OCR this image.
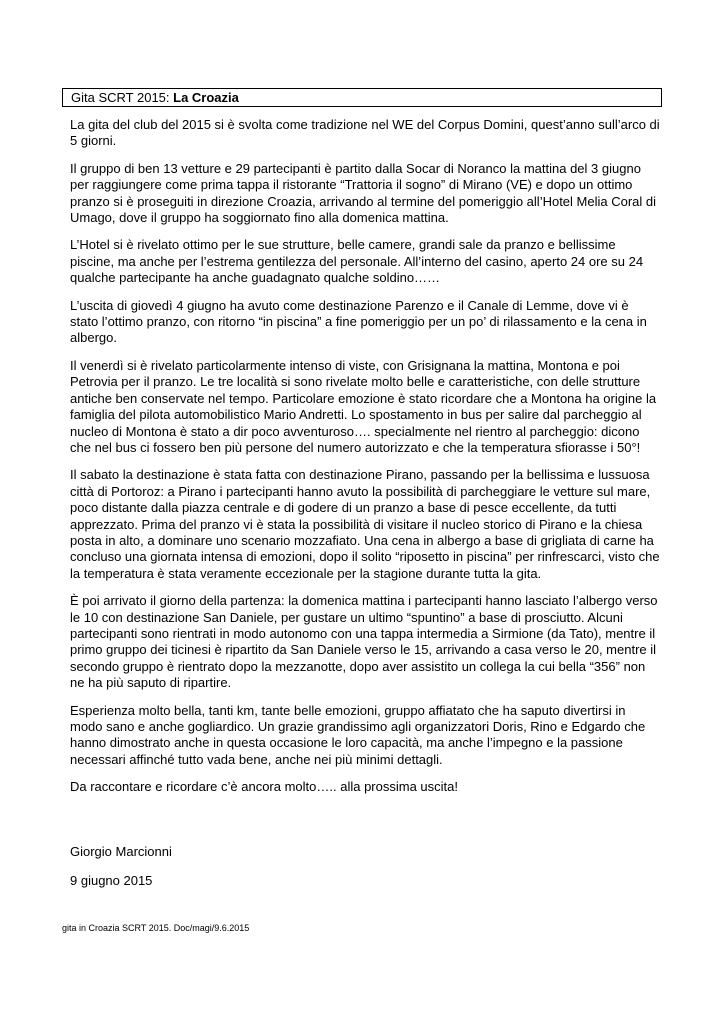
Gita SCRT 2015: La Croazia

La gita del club del 2015 si è svolta come tradizione nel WE del Corpus Domini, quest’anno sull’arco di 5 giorni.

Il gruppo di ben 13 vetture e 29 partecipanti è partito dalla Socar di Noranco la mattina del 3 giugno per raggiungere come prima tappa il ristorante “Trattoria il sogno” di Mirano (VE) e dopo un ottimo pranzo si è proseguiti in direzione Croazia, arrivando al termine del pomeriggio all’Hotel Melia Coral di Umago, dove il gruppo ha soggiornato fino alla domenica mattina.

L’Hotel si è rivelato ottimo per le sue strutture, belle camere, grandi sale da pranzo e bellissime piscine, ma anche per l’estrema gentilezza del personale. All’interno del casino, aperto 24 ore su 24 qualche partecipante ha anche guadagnato qualche soldino……

L’uscita di giovedì 4 giugno ha avuto come destinazione Parenzo e il Canale di Lemme, dove vi è stato l’ottimo pranzo, con ritorno “in piscina” a fine pomeriggio per un po’ di rilassamento e la cena in albergo.

Il venerdì si è rivelato particolarmente intenso di viste, con Grisignana la mattina, Montona e poi Petrovia per il pranzo. Le tre località si sono rivelate molto belle e caratteristiche, con delle strutture antiche ben conservate nel tempo. Particolare emozione è stato ricordare che a Montona ha origine la famiglia del pilota automobilistico Mario Andretti. Lo spostamento in bus per salire dal parcheggio al nucleo di Montona è stato a dir poco avventuroso…. specialmente nel rientro al parcheggio: dicono che nel bus ci fossero ben più persone del numero autorizzato e che la temperatura sfiorasse i 50°!

Il sabato la destinazione è stata fatta con destinazione Pirano, passando per la bellissima e lussuosa città di Portoroz: a Pirano i partecipanti hanno avuto la possibilità di parcheggiare le vetture sul mare, poco distante dalla piazza centrale e di godere di un pranzo a base di pesce eccellente, da tutti apprezzato. Prima del pranzo vi è stata la possibilità di visitare il nucleo storico di Pirano e la chiesa posta in alto, a dominare uno scenario mozzafiato. Una cena in albergo a base di grigliata di carne ha concluso una giornata intensa di emozioni, dopo il solito “riposetto in piscina” per rinfrescarci, visto che la temperatura è stata veramente eccezionale per la stagione durante tutta la gita.

È poi arrivato il giorno della partenza: la domenica mattina i partecipanti hanno lasciato l’albergo verso le 10 con destinazione San Daniele, per gustare un ultimo “spuntino” a base di prosciutto. Alcuni partecipanti sono rientrati in modo autonomo con una tappa intermedia a Sirmione (da Tato), mentre il primo gruppo dei ticinesi è ripartito da San Daniele verso le 15, arrivando a casa verso le 20, mentre il secondo gruppo è rientrato dopo la mezzanotte, dopo aver assistito un collega la cui bella “356” non ne ha più saputo di ripartire.

Esperienza molto bella, tanti km, tante belle emozioni, gruppo affiatato che ha saputo divertirsi in modo sano e anche gogliardico. Un grazie grandissimo agli organizzatori Doris, Rino e Edgardo che hanno dimostrato anche in questa occasione le loro capacità, ma anche l’impegno e la passione necessari affinché tutto vada bene, anche nei più minimi dettagli.

Da raccontare e ricordare c’è ancora molto….. alla prossima uscita!

Giorgio Marcionni
9 giugno 2015
gita in Croazia SCRT 2015. Doc/magi/9.6.2015
